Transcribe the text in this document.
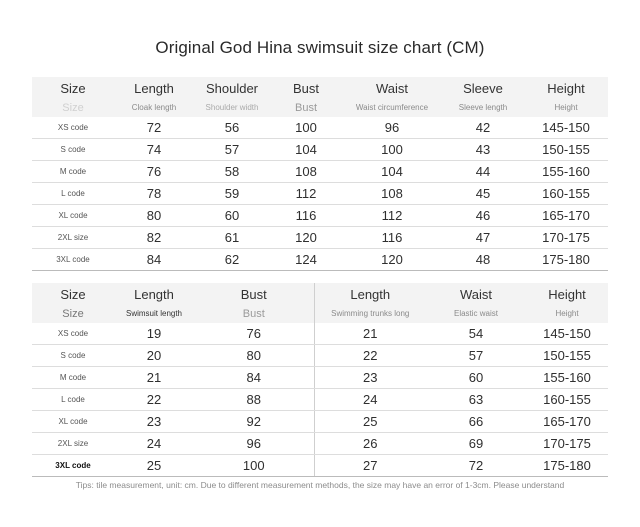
Original God Hina swimsuit size chart (CM)
Size	Length	Shoulder	Bust	Waist	Sleeve	Height
Size	Cloak length	Shoulder width	Bust	Waist circumference	Sleeve length	Height
XS code	72	56	100	96	42	145-150
S code	74	57	104	100	43	150-155
M code	76	58	108	104	44	155-160
L code	78	59	112	108	45	160-155
XL code	80	60	116	112	46	165-170
2XL size	82	61	120	116	47	170-175
3XL code	84	62	124	120	48	175-180
Size	Length	Bust	Length	Waist	Height
Size	Swimsuit length	Bust	Swimming trunks long	Elastic waist	Height
XS code	19	76	21	54	145-150
S code	20	80	22	57	150-155
M code	21	84	23	60	155-160
L code	22	88	24	63	160-155
XL code	23	92	25	66	165-170
2XL size	24	96	26	69	170-175
3XL code	25	100	27	72	175-180
Tips: tile measurement, unit: cm. Due to different measurement methods, the size may have an error of 1-3cm. Please understand
